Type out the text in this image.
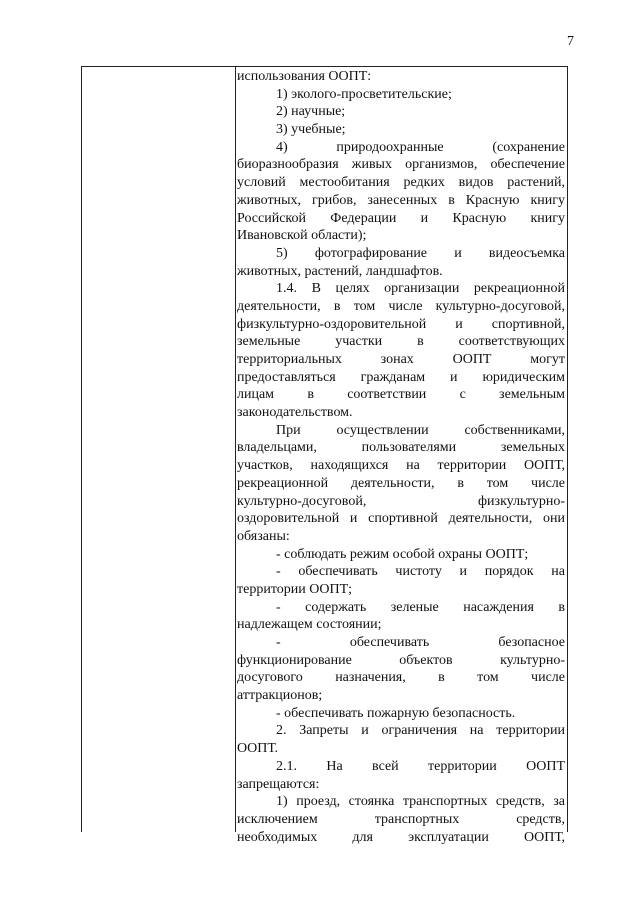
7
использования ООПТ:
1) эколого-просветительские;
2) научные;
3) учебные;
4) природоохранные (сохранение
биоразнообразия живых организмов, обеспечение
условий местообитания редких видов растений,
животных, грибов, занесенных в Красную книгу
Российской Федерации и Красную книгу
Ивановской области);
5) фотографирование и видеосъемка
животных, растений, ландшафтов.
1.4. В целях организации рекреационной
деятельности, в том числе культурно-досуговой,
физкультурно-оздоровительной и спортивной,
земельные участки в соответствующих
территориальных зонах ООПТ могут
предоставляться гражданам и юридическим
лицам в соответствии с земельным
законодательством.
При осуществлении собственниками,
владельцами, пользователями земельных
участков, находящихся на территории ООПТ,
рекреационной деятельности, в том числе
культурно-досуговой, физкультурно-
оздоровительной и спортивной деятельности, они
обязаны:
- соблюдать режим особой охраны ООПТ;
- обеспечивать чистоту и порядок на
территории ООПТ;
- содержать зеленые насаждения в
надлежащем состоянии;
- обеспечивать безопасное
функционирование объектов культурно-
досугового назначения, в том числе
аттракционов;
- обеспечивать пожарную безопасность.
2. Запреты и ограничения на территории
ООПТ.
2.1. На всей территории ООПТ
запрещаются:
1) проезд, стоянка транспортных средств, за
исключением транспортных средств,
необходимых для эксплуатации ООПТ,
